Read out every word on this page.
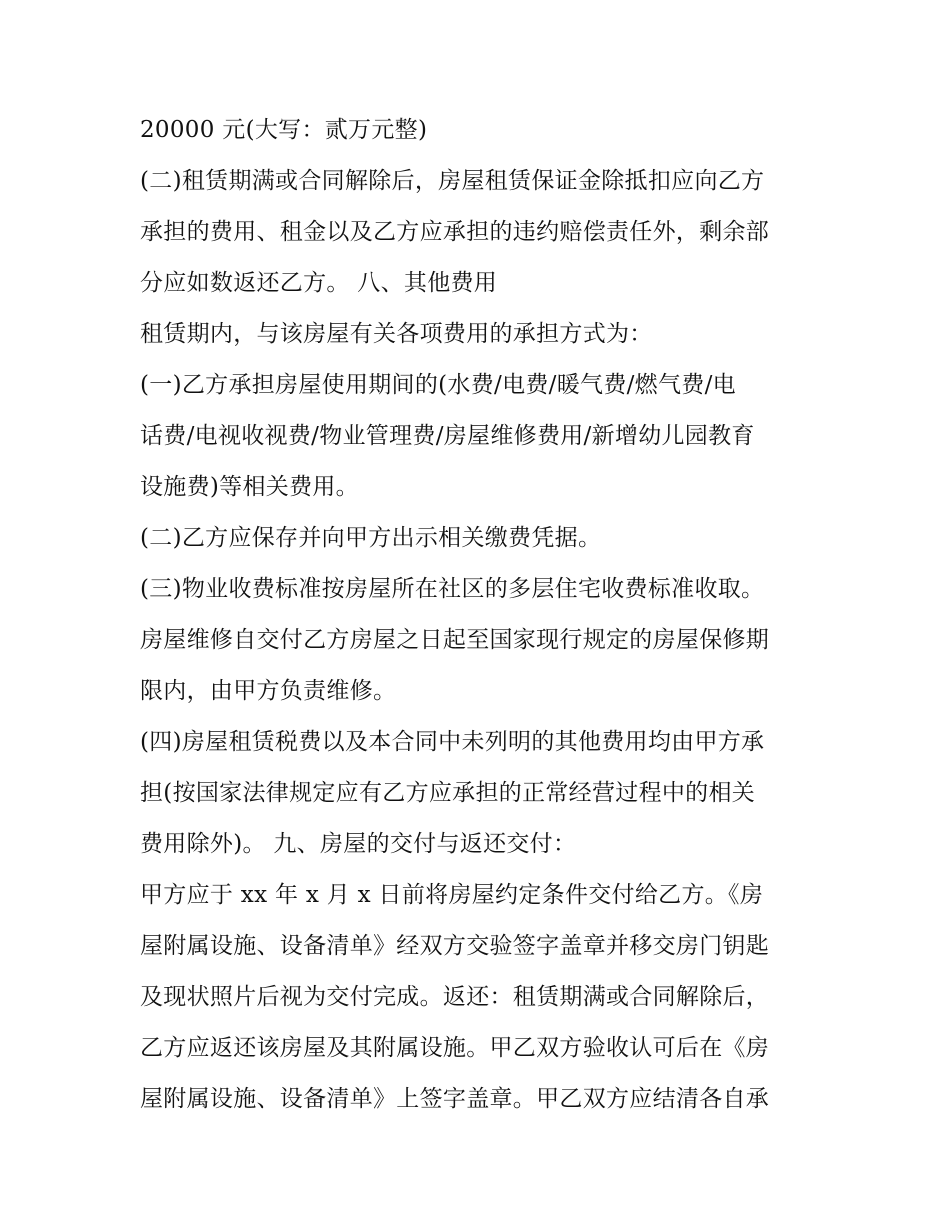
20000 元(大写：贰万元整)
(二)租赁期满或合同解除后，房屋租赁保证金除抵扣应向乙方
承担的费用、租金以及乙方应承担的违约赔偿责任外，剩余部
分应如数返还乙方。 八、其他费用
租赁期内，与该房屋有关各项费用的承担方式为：
(一)乙方承担房屋使用期间的(水费/电费/暖气费/燃气费/电
话费/电视收视费/物业管理费/房屋维修费用/新增幼儿园教育
设施费)等相关费用。
(二)乙方应保存并向甲方出示相关缴费凭据。
(三)物业收费标准按房屋所在社区的多层住宅收费标准收取。
房屋维修自交付乙方房屋之日起至国家现行规定的房屋保修期
限内，由甲方负责维修。
(四)房屋租赁税费以及本合同中未列明的其他费用均由甲方承
担(按国家法律规定应有乙方应承担的正常经营过程中的相关
费用除外)。 九、房屋的交付与返还交付：
甲方应于 xx 年 x 月 x 日前将房屋约定条件交付给乙方。《房
屋附属设施、设备清单》经双方交验签字盖章并移交房门钥匙
及现状照片后视为交付完成。返还：租赁期满或合同解除后，
乙方应返还该房屋及其附属设施。甲乙双方验收认可后在《房
屋附属设施、设备清单》上签字盖章。甲乙双方应结清各自承
